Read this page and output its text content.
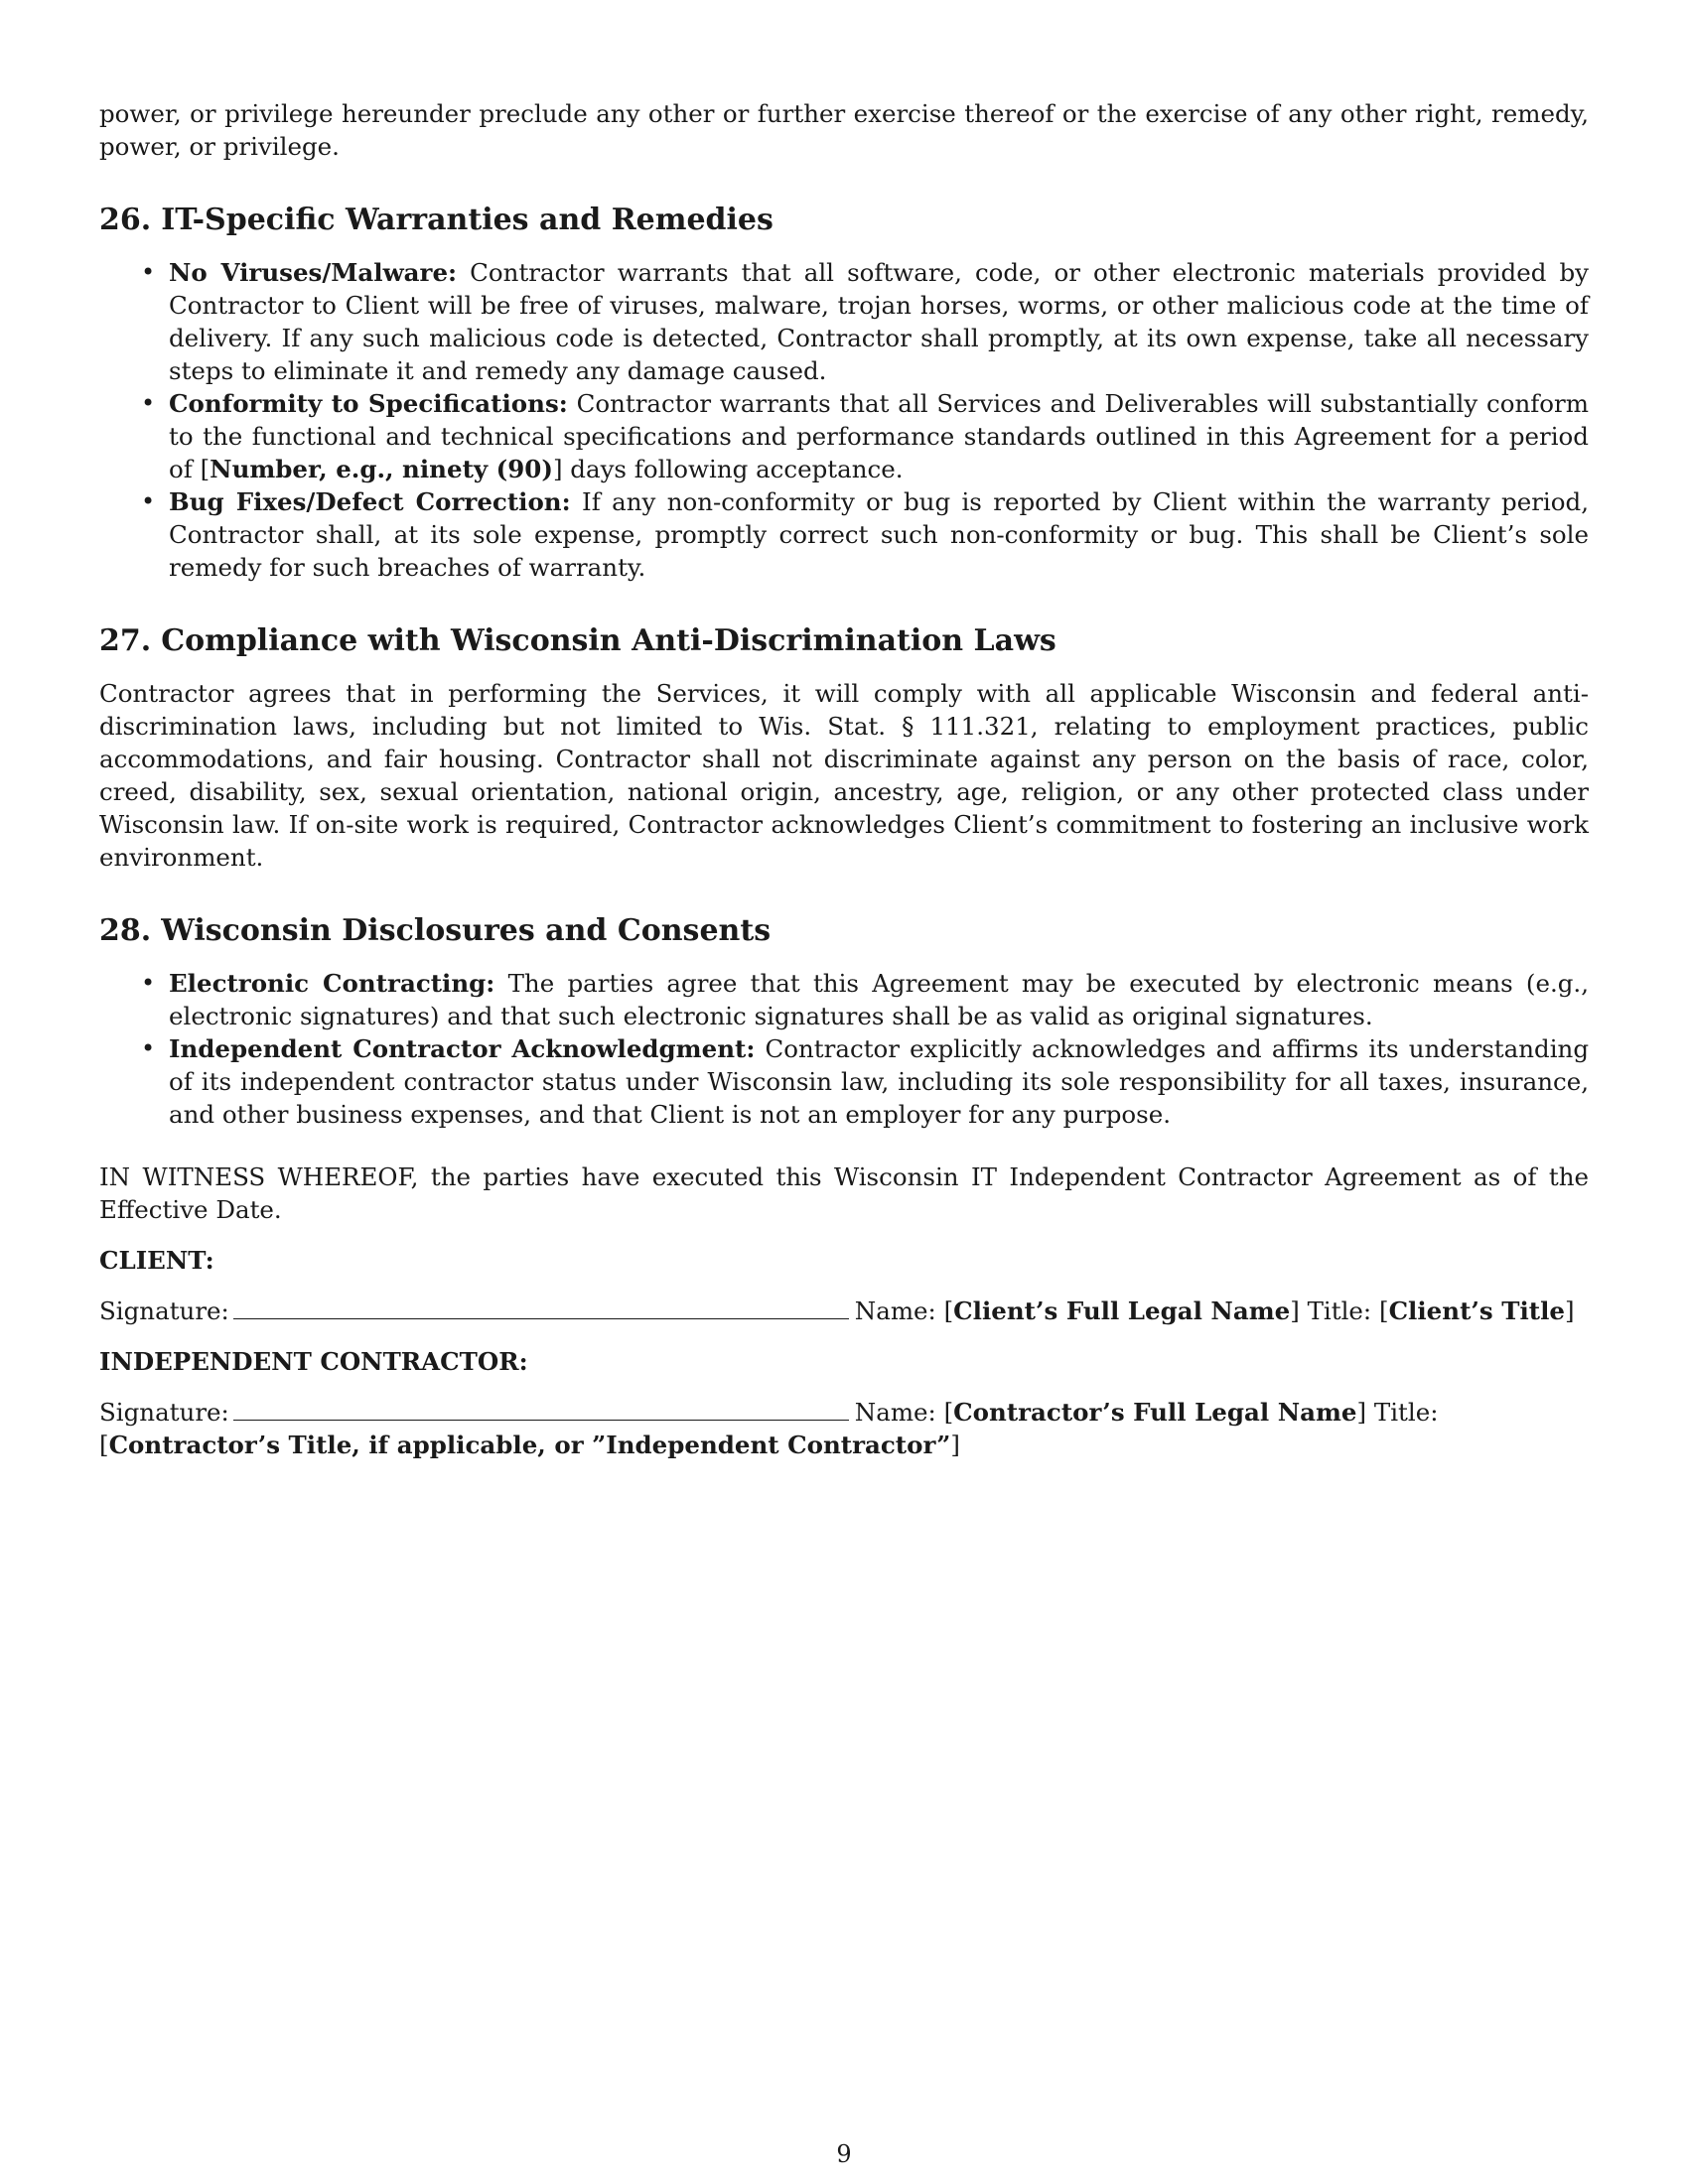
power, or privilege hereunder preclude any other or further exercise thereof or the exercise of any other right, remedy, power, or privilege.

26. IT-Specific Warranties and Remedies
• No Viruses/Malware: Contractor warrants that all software, code, or other electronic materials provided by Contractor to Client will be free of viruses, malware, trojan horses, worms, or other malicious code at the time of delivery. If any such malicious code is detected, Contractor shall promptly, at its own expense, take all necessary steps to eliminate it and remedy any damage caused.
• Conformity to Specifications: Contractor warrants that all Services and Deliverables will substantially conform to the functional and technical specifications and performance standards outlined in this Agreement for a period of [Number, e.g., ninety (90)] days following acceptance.
• Bug Fixes/Defect Correction: If any non-conformity or bug is reported by Client within the warranty period, Contractor shall, at its sole expense, promptly correct such non-conformity or bug. This shall be Client’s sole remedy for such breaches of warranty.
27. Compliance with Wisconsin Anti-Discrimination Laws

Contractor agrees that in performing the Services, it will comply with all applicable Wisconsin and federal anti-discrimination laws, including but not limited to Wis. Stat. § 111.321, relating to employment practices, public accommodations, and fair housing. Contractor shall not discriminate against any person on the basis of race, color, creed, disability, sex, sexual orientation, national origin, ancestry, age, religion, or any other protected class under Wisconsin law. If on-site work is required, Contractor acknowledges Client’s commitment to fostering an inclusive work environment.

28. Wisconsin Disclosures and Consents
• Electronic Contracting: The parties agree that this Agreement may be executed by electronic means (e.g., electronic signatures) and that such electronic signatures shall be as valid as original signatures.
• Independent Contractor Acknowledgment: Contractor explicitly acknowledges and affirms its understanding of its independent contractor status under Wisconsin law, including its sole responsibility for all taxes, insurance, and other business expenses, and that Client is not an employer for any purpose.

IN WITNESS WHEREOF, the parties have executed this Wisconsin IT Independent Contractor Agreement as of the Effective Date.

CLIENT:

Signature:	Name: [Client’s Full Legal Name] Title: [Client’s Title]

INDEPENDENT CONTRACTOR:

Signature:	Name: [Contractor’s Full Legal Name] Title: [Contractor’s Title, if applicable, or ”Independent Contractor”]

9
